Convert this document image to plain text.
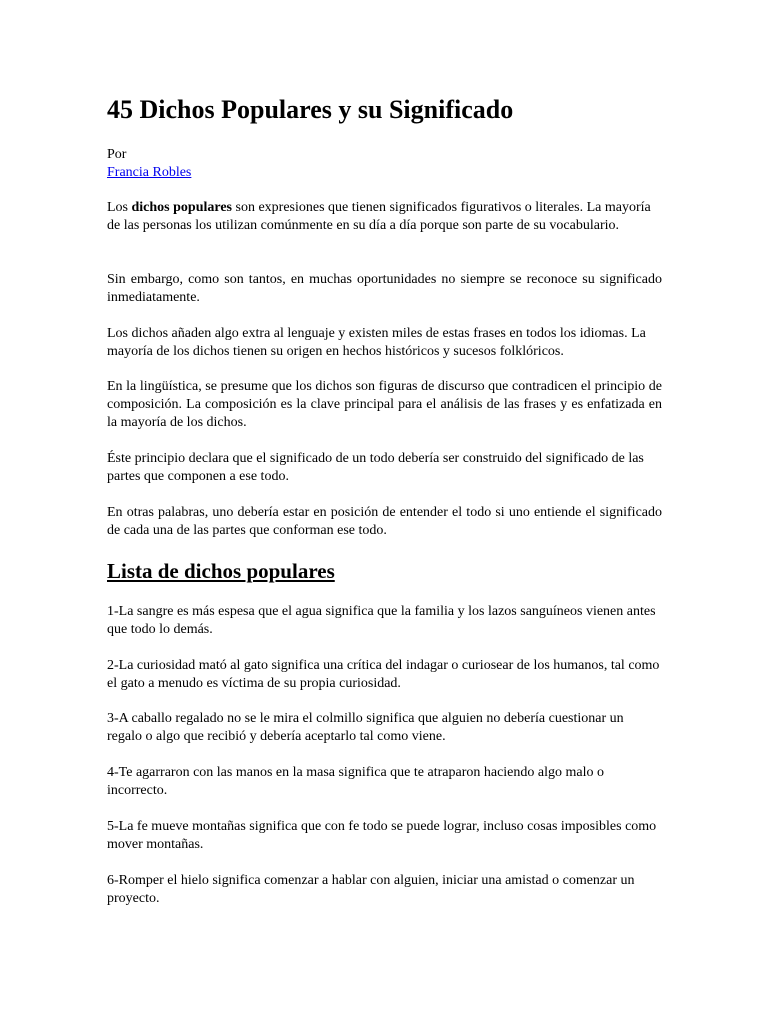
45 Dichos Populares y su Significado
Por
Francia Robles

Los dichos populares son expresiones que tienen significados figurativos o literales. La mayoría de las personas los utilizan comúnmente en su día a día porque son parte de su vocabulario.

Sin embargo, como son tantos, en muchas oportunidades no siempre se reconoce su significado inmediatamente.

Los dichos añaden algo extra al lenguaje y existen miles de estas frases en todos los idiomas. La mayoría de los dichos tienen su origen en hechos históricos y sucesos folklóricos.

En la lingüística, se presume que los dichos son figuras de discurso que contradicen el principio de composición. La composición es la clave principal para el análisis de las frases y es enfatizada en la mayoría de los dichos.

Éste principio declara que el significado de un todo debería ser construido del significado de las partes que componen a ese todo.

En otras palabras, uno debería estar en posición de entender el todo si uno entiende el significado de cada una de las partes que conforman ese todo.

Lista de dichos populares

1-La sangre es más espesa que el agua significa que la familia y los lazos sanguíneos vienen antes que todo lo demás.

2-La curiosidad mató al gato significa una crítica del indagar o curiosear de los humanos, tal como el gato a menudo es víctima de su propia curiosidad.

3-A caballo regalado no se le mira el colmillo significa que alguien no debería cuestionar un regalo o algo que recibió y debería aceptarlo tal como viene.

4-Te agarraron con las manos en la masa significa que te atraparon haciendo algo malo o incorrecto.

5-La fe mueve montañas significa que con fe todo se puede lograr, incluso cosas imposibles como mover montañas.

6-Romper el hielo significa comenzar a hablar con alguien, iniciar una amistad o comenzar un proyecto.
